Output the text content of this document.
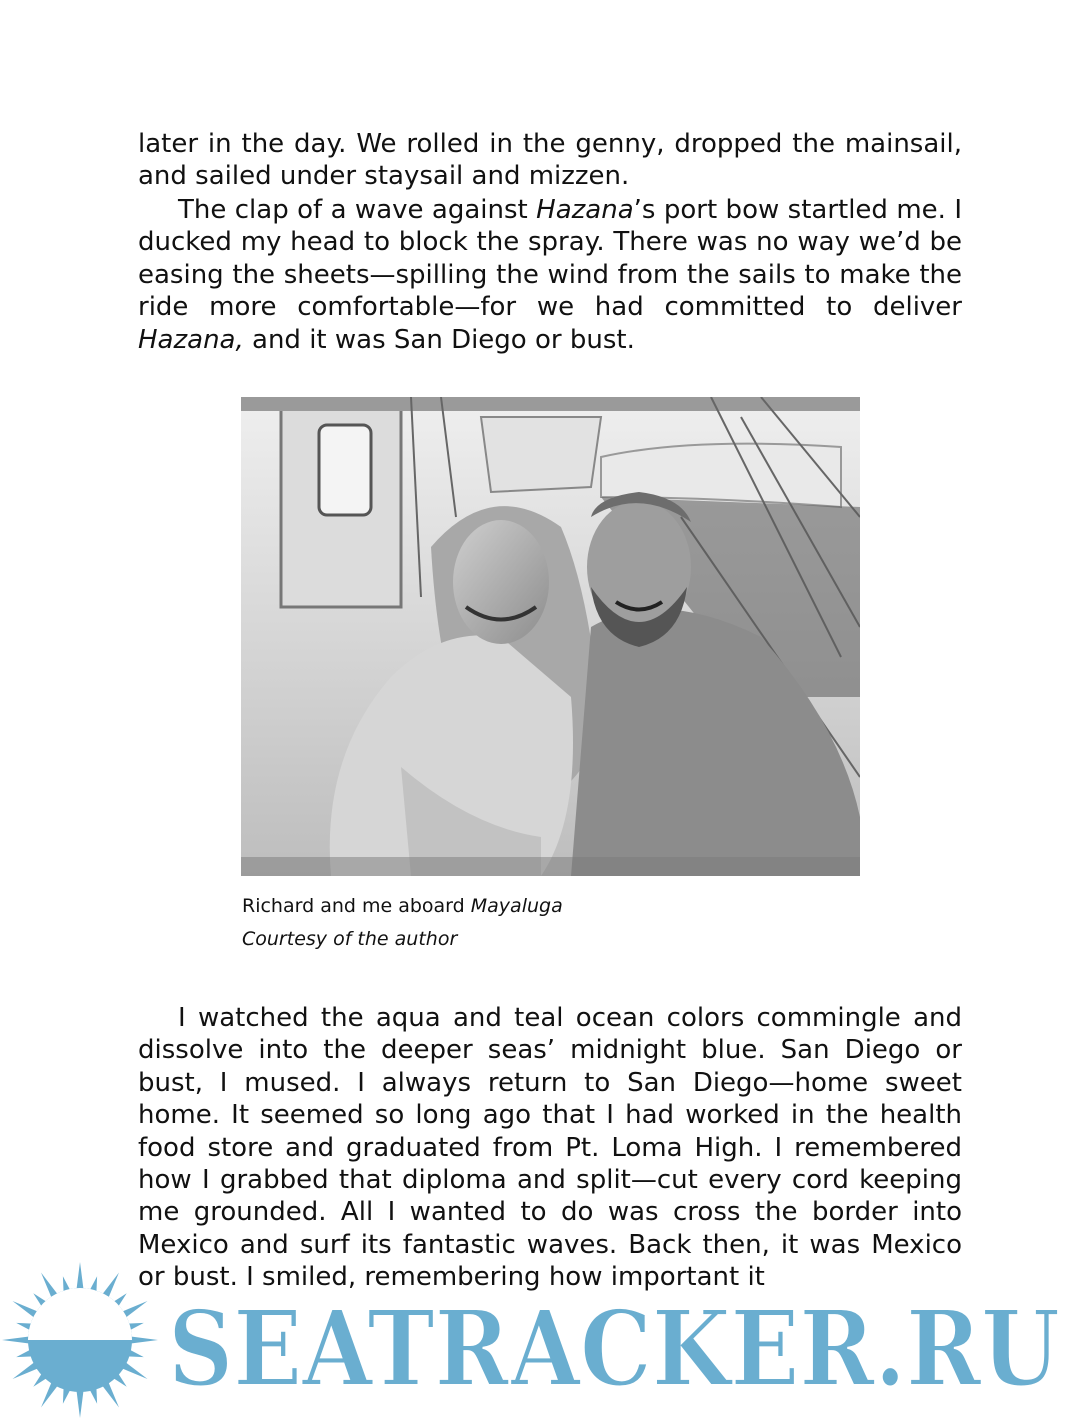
later in the day. We rolled in the genny, dropped the mainsail, and sailed under staysail and mizzen.

The clap of a wave against Hazana’s port bow startled me. I ducked my head to block the spray. There was no way we’d be easing the sheets—spilling the wind from the sails to make the ride more comfortable—for we had committed to deliver Hazana, and it was San Diego or bust.

Richard and me aboard Mayaluga
Courtesy of the author

I watched the aqua and teal ocean colors commingle and dissolve into the deeper seas’ midnight blue. San Diego or bust, I mused. I always return to San Diego—home sweet home. It seemed so long ago that I had worked in the health food store and graduated from Pt. Loma High. I remembered how I grabbed that diploma and split—cut every cord keeping me grounded. All I wanted to do was cross the border into Mexico and surf its fantastic waves. Back then, it was Mexico or bust. I smiled, remembering how important it

SEATRACKER.RU
